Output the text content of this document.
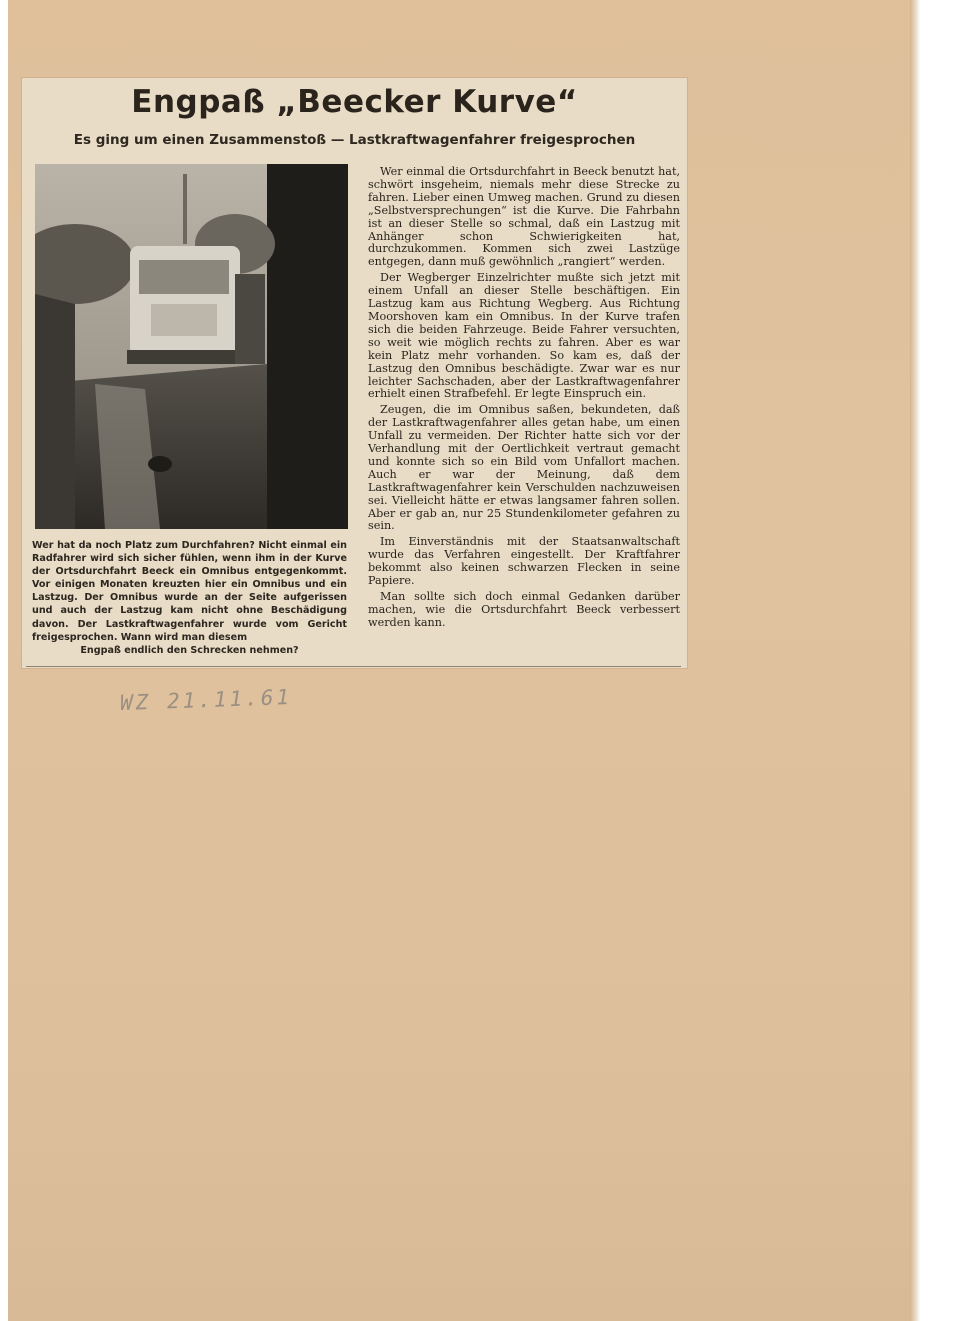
Engpaß „Beecker Kurve“
Es ging um einen Zusammenstoß — Lastkraftwagenfahrer freigesprochen
Wer hat da noch Platz zum Durchfahren? Nicht einmal ein Radfahrer wird sich sicher fühlen, wenn ihm in der Kurve der Ortsdurchfahrt Beeck ein Omnibus entgegenkommt. Vor einigen Monaten kreuzten hier ein Omnibus und ein Lastzug. Der Omnibus wurde an der Seite aufgerissen und auch der Lastzug kam nicht ohne Beschädigung davon. Der Lastkraftwagenfahrer wurde vom Gericht freigesprochen. Wann wird man diesem
Engpaß endlich den Schrecken nehmen?

Wer einmal die Ortsdurchfahrt in Beeck benutzt hat, schwört insgeheim, niemals mehr diese Strecke zu fahren. Lieber einen Umweg machen. Grund zu diesen „Selbstversprechungen“ ist die Kurve. Die Fahrbahn ist an dieser Stelle so schmal, daß ein Lastzug mit Anhänger schon Schwierigkeiten hat, durchzukommen. Kommen sich zwei Lastzüge entgegen, dann muß gewöhnlich „rangiert“ werden.

Der Wegberger Einzelrichter mußte sich jetzt mit einem Unfall an dieser Stelle beschäftigen. Ein Lastzug kam aus Richtung Wegberg. Aus Richtung Moorshoven kam ein Omnibus. In der Kurve trafen sich die beiden Fahrzeuge. Beide Fahrer versuchten, so weit wie möglich rechts zu fahren. Aber es war kein Platz mehr vorhanden. So kam es, daß der Lastzug den Omnibus beschädigte. Zwar war es nur leichter Sachschaden, aber der Lastkraftwagenfahrer erhielt einen Strafbefehl. Er legte Einspruch ein.

Zeugen, die im Omnibus saßen, bekundeten, daß der Lastkraftwagenfahrer alles getan habe, um einen Unfall zu vermeiden. Der Richter hatte sich vor der Verhandlung mit der Oertlichkeit vertraut gemacht und konnte sich so ein Bild vom Unfallort machen. Auch er war der Meinung, daß dem Lastkraftwagenfahrer kein Verschulden nachzuweisen sei. Vielleicht hätte er etwas langsamer fahren sollen. Aber er gab an, nur 25 Stundenkilometer gefahren zu sein.

Im Einverständnis mit der Staatsanwaltschaft wurde das Verfahren eingestellt. Der Kraftfahrer bekommt also keinen schwarzen Flecken in seine Papiere.

Man sollte sich doch einmal Gedanken darüber machen, wie die Ortsdurchfahrt Beeck verbessert werden kann.

WZ 21.11.61
